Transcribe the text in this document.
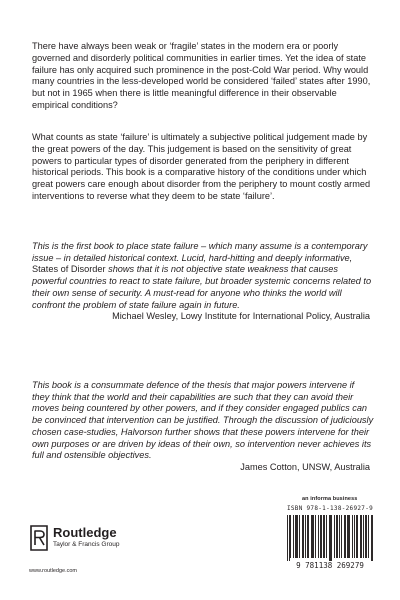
There have always been weak or ‘fragile’ states in the modern era or poorly governed and disorderly political communities in earlier times. Yet the idea of state failure has only acquired such prominence in the post-Cold War period. Why would many countries in the less-developed world be considered ‘failed’ states after 1990, but not in 1965 when there is little meaningful difference in their observable empirical conditions?

What counts as state ‘failure’ is ultimately a subjective political judgement made by the great powers of the day. This judgement is based on the sensitivity of great powers to particular types of disorder generated from the periphery in different historical periods. This book is a comparative history of the conditions under which great powers care enough about disorder from the periphery to mount costly armed interventions to reverse what they deem to be state ‘failure’.

This is the first book to place state failure – which many assume is a contemporary issue – in detailed historical context. Lucid, hard-hitting and deeply informative, States of Disorder shows that it is not objective state weakness that causes powerful countries to react to state failure, but broader systemic concerns related to their own sense of security. A must-read for anyone who thinks the world will confront the problem of state failure again in future.
Michael Wesley, Lowy Institute for International Policy, Australia

This book is a consummate defence of the thesis that major powers intervene if they think that the world and their capabilities are such that they can avoid their moves being countered by other powers, and if they consider engaged publics can be convinced that intervention can be justified. Through the discussion of judiciously chosen case-studies, Halvorson further shows that these powers intervene for their own purposes or are driven by ideas of their own, so intervention never achieves its full and ostensible objectives.
James Cotton, UNSW, Australia

an informa business
ISBN 978-1-138-26927-9
9 781138 269279
Routledge
Taylor & Francis Group
www.routledge.com
